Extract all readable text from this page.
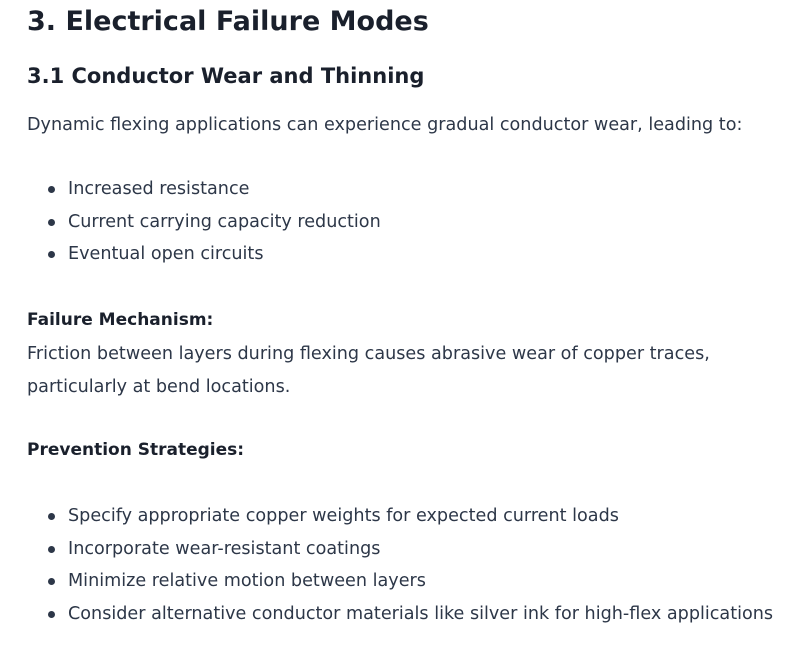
3. Electrical Failure Modes
3.1 Conductor Wear and Thinning

Dynamic flexing applications can experience gradual conductor wear, leading to:

Increased resistance
Current carrying capacity reduction
Eventual open circuits

Failure Mechanism:

Friction between layers during flexing causes abrasive wear of copper traces,
particularly at bend locations.

Prevention Strategies:

Specify appropriate copper weights for expected current loads
Incorporate wear-resistant coatings
Minimize relative motion between layers
Consider alternative conductor materials like silver ink for high-flex applications
